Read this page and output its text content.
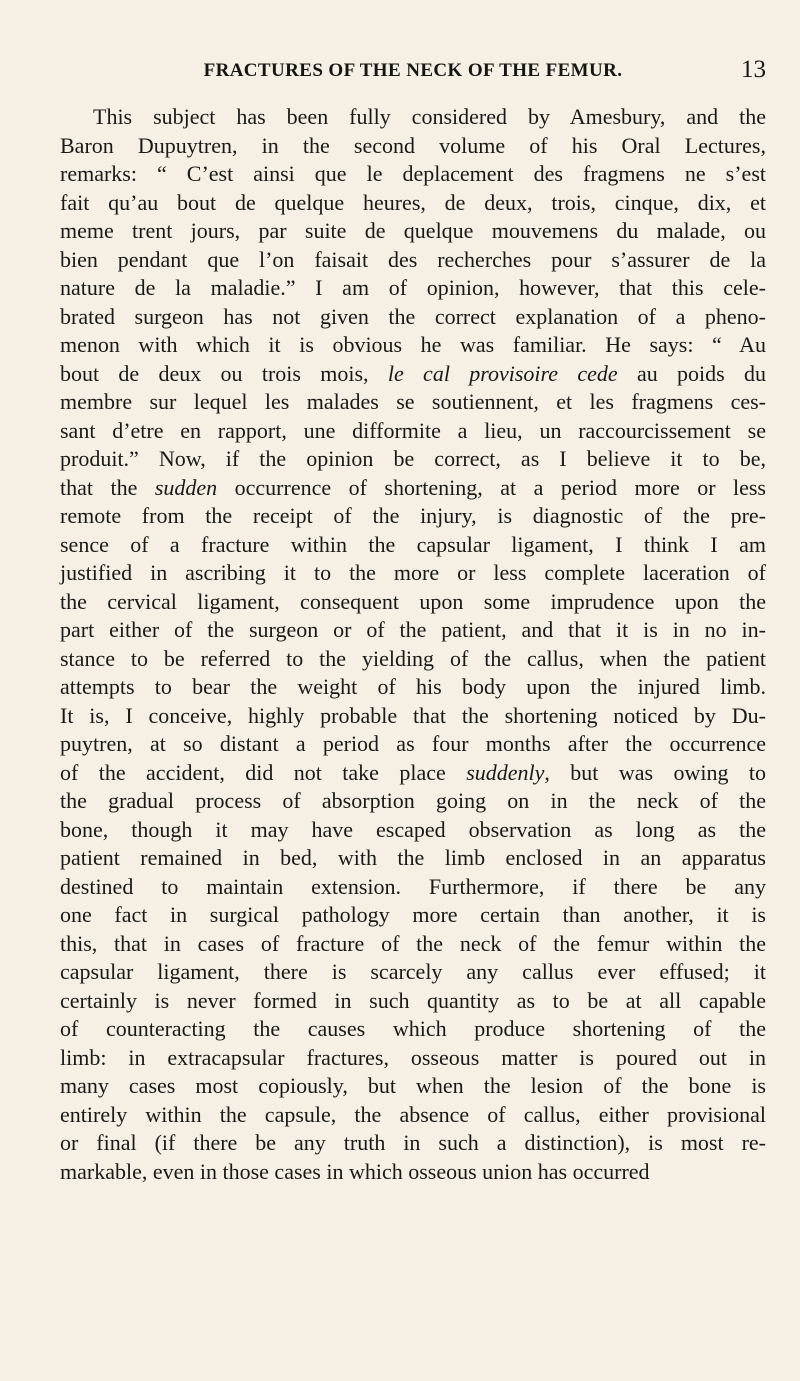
FRACTURES OF THE NECK OF THE FEMUR.	13
This subject has been fully considered by Amesbury, and the
Baron Dupuytren, in the second volume of his Oral Lectures,
remarks: “ C’est ainsi que le deplacement des fragmens ne s’est
fait qu’au bout de quelque heures, de deux, trois, cinque, dix, et
meme trent jours, par suite de quelque mouvemens du malade, ou
bien pendant que l’on faisait des recherches pour s’assurer de la
nature de la maladie.” I am of opinion, however, that this cele-
brated surgeon has not given the correct explanation of a pheno-
menon with which it is obvious he was familiar. He says: “ Au
bout de deux ou trois mois, le cal provisoire cede au poids du
membre sur lequel les malades se soutiennent, et les fragmens ces-
sant d’etre en rapport, une difformite a lieu, un raccourcissement se
produit.” Now, if the opinion be correct, as I believe it to be,
that the sudden occurrence of shortening, at a period more or less
remote from the receipt of the injury, is diagnostic of the pre-
sence of a fracture within the capsular ligament, I think I am
justified in ascribing it to the more or less complete laceration of
the cervical ligament, consequent upon some imprudence upon the
part either of the surgeon or of the patient, and that it is in no in-
stance to be referred to the yielding of the callus, when the patient
attempts to bear the weight of his body upon the injured limb.
It is, I conceive, highly probable that the shortening noticed by Du-
puytren, at so distant a period as four months after the occurrence
of the accident, did not take place suddenly, but was owing to
the gradual process of absorption going on in the neck of the
bone, though it may have escaped observation as long as the
patient remained in bed, with the limb enclosed in an apparatus
destined to maintain extension. Furthermore, if there be any
one fact in surgical pathology more certain than another, it is
this, that in cases of fracture of the neck of the femur within the
capsular ligament, there is scarcely any callus ever effused; it
certainly is never formed in such quantity as to be at all capable
of counteracting the causes which produce shortening of the
limb: in extracapsular fractures, osseous matter is poured out in
many cases most copiously, but when the lesion of the bone is
entirely within the capsule, the absence of callus, either provisional
or final (if there be any truth in such a distinction), is most re-
markable, even in those cases in which osseous union has occurred
